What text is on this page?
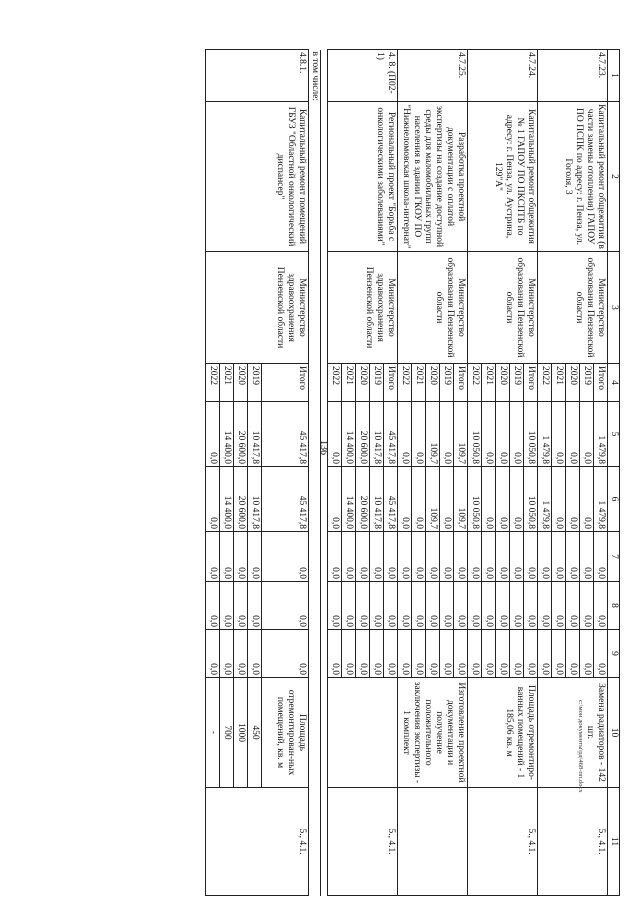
136
1	2	3	4	5	6	7	8	9	10	11
4.7.23.	Капитальный ремонт общежития (в части замены отопления) ГАПОУ ПО ПСПК по адресу: г. Пенза, ул. Гоголя, 3	Министерство образования Пензенской области	Итого	1 479,8	1 479,8	0,0	0,0	0,0	Замена радиаторов - 142 шт.	5., 4.1.
			2019	0,0	0,0	0,0	0,0	0,0		
			2020	0,0	0,0	0,0	0,0	0,0		
			2021	0,0	0,0	0,0	0,0	0,0		
			2022	1 479,8	1 479,8	0,0	0,0	0,0		
4.7.24.	Капитальный ремонт общежития № 1 ГАПОУ ПО ПКСПТБ по адресу: г. Пенза, ул. Аустрина, 129"А"	Министерство образования Пензенской области	Итого	10 050,8	10 050,8	0,0	0,0	0,0	Площадь отремонтиро-ванных помещений - 1 185,06 кв. м	5., 4.1.
			2019	0,0	0,0	0,0	0,0	0,0		
			2020	0,0	0,0	0,0	0,0	0,0		
			2021	0,0	0,0	0,0	0,0	0,0		
			2022	10 050,8	10 050,8	0,0	0,0	0,0		
4.7.25.	Разработка проектной документации с оплатой экспертизы на создание доступной среды для маломобильных групп населения в здании ГКОУ ПО "Нижнеломовская школа-интернат"	Министерство образования Пензенской области	Итого	109,7	109,7	0,0	0,0	0,0	Изготовление проектной документации и получение положительного заключения экспертизы - 1 комплект	
			2019	0,0	0,0	0,0	0,0	0,0		
			2020	109,7	109,7	0,0	0,0	0,0		
			2021	0,0	0,0	0,0	0,0	0,0		
			2022	0,0	0,0	0,0	0,0	0,0		
4. 8. (П02-1)	Региональный проект "Борьба с онкологическими заболеваниями"	Министерство здравоохранения Пензенской области	Итого	45 417,8	45 417,8	0,0	0,0	0,0		5., 4.1.
			2019	10 417,8	10 417,8	0,0	0,0	0,0		
			2020	20 600,0	20 600,0	0,0	0,0	0,0		
			2021	14 400,0	14 400,0	0,0	0,0	0,0		
			2022	0,0	0,0	0,0	0,0	0,0		

в том числе:										
4.8.1.	Капитальный ремонт помещений ГБУЗ "Областной онкологический диспансер"	Министерство здравоохранения Пензенской области	Итого	45 417,8	45 417,8	0,0	0,0	0,0	Площадь отремонтирован-ных помещений, кв. м	5., 4.1.
			2019	10 417,8	10 417,8	0,0	0,0	0,0	450	
			2020	20 600,0	20 600,0	0,0	0,0	0,0	1000	
			2021	14 400,0	14 400,0	0,0	0,0	0,0	700	
			2022	0,0	0,0	0,0	0,0	0,0	-		c:\мои документы\рд\468-пп.docx
